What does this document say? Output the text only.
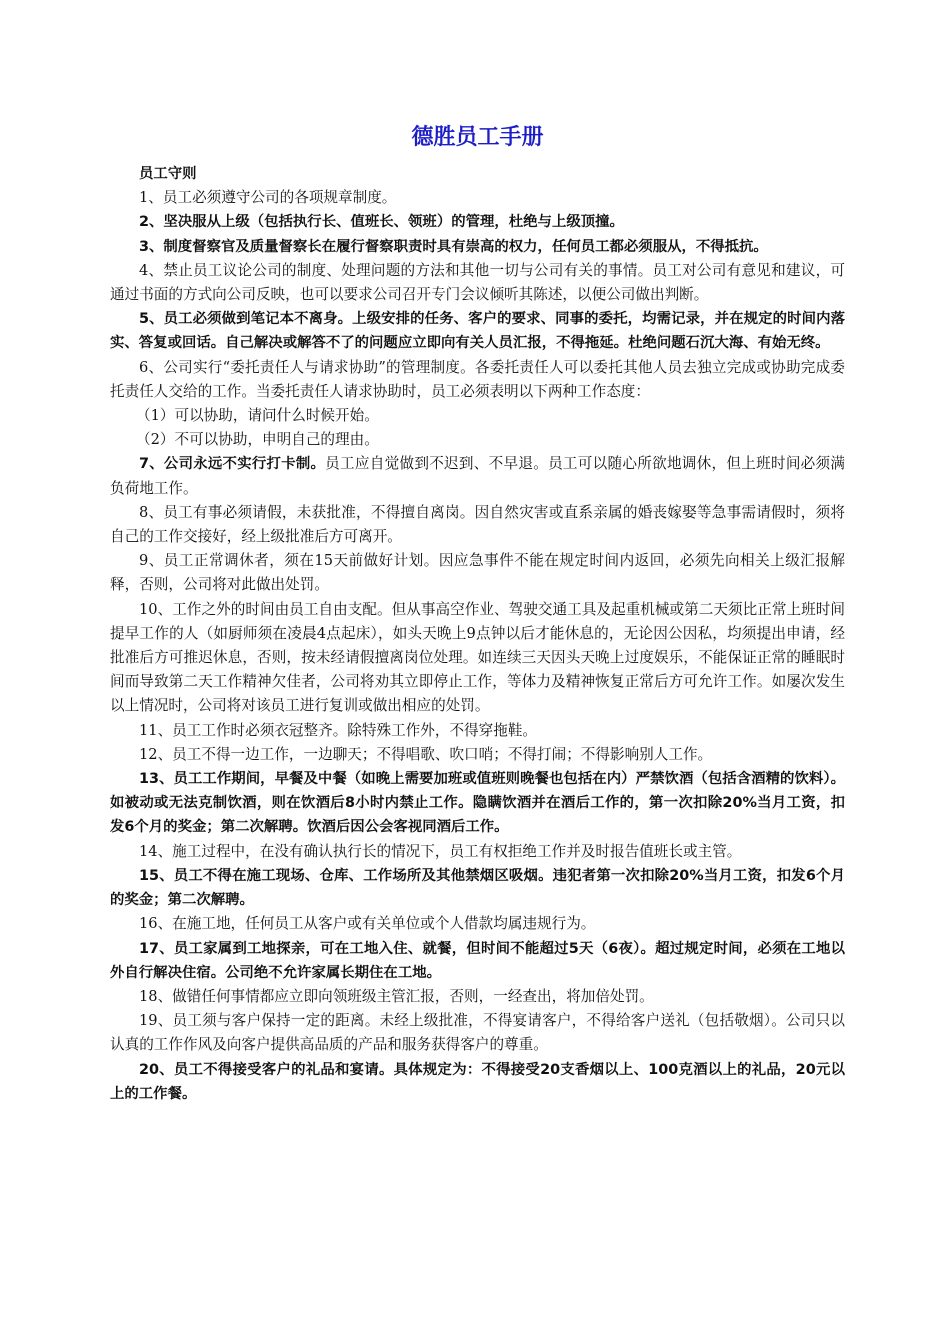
德胜员工手册

员工守则

1、员工必须遵守公司的各项规章制度。

2、坚决服从上级（包括执行长、值班长、领班）的管理，杜绝与上级顶撞。

3、制度督察官及质量督察长在履行督察职责时具有崇高的权力，任何员工都必须服从，不得抵抗。

4、禁止员工议论公司的制度、处理问题的方法和其他一切与公司有关的事情。员工对公司有意见和建议，可通过书面的方式向公司反映，也可以要求公司召开专门会议倾听其陈述，以便公司做出判断。

5、员工必须做到笔记本不离身。上级安排的任务、客户的要求、同事的委托，均需记录，并在规定的时间内落实、答复或回话。自己解决或解答不了的问题应立即向有关人员汇报，不得拖延。杜绝问题石沉大海、有始无终。

6、公司实行“委托责任人与请求协助”的管理制度。各委托责任人可以委托其他人员去独立完成或协助完成委托责任人交给的工作。当委托责任人请求协助时，员工必须表明以下两种工作态度：

（1）可以协助，请问什么时候开始。

（2）不可以协助，申明自己的理由。

7、公司永远不实行打卡制。员工应自觉做到不迟到、不早退。员工可以随心所欲地调休，但上班时间必须满负荷地工作。

8、员工有事必须请假，未获批准，不得擅自离岗。因自然灾害或直系亲属的婚丧嫁娶等急事需请假时，须将自己的工作交接好，经上级批准后方可离开。

9、员工正常调休者，须在15天前做好计划。因应急事件不能在规定时间内返回，必须先向相关上级汇报解释，否则，公司将对此做出处罚。

10、工作之外的时间由员工自由支配。但从事高空作业、驾驶交通工具及起重机械或第二天须比正常上班时间提早工作的人（如厨师须在凌晨4点起床），如头天晚上9点钟以后才能休息的，无论因公因私，均须提出申请，经批准后方可推迟休息，否则，按未经请假擅离岗位处理。如连续三天因头天晚上过度娱乐，不能保证正常的睡眠时间而导致第二天工作精神欠佳者，公司将劝其立即停止工作，等体力及精神恢复正常后方可允许工作。如屡次发生以上情况时，公司将对该员工进行复训或做出相应的处罚。

11、员工工作时必须衣冠整齐。除特殊工作外，不得穿拖鞋。

12、员工不得一边工作，一边聊天；不得唱歌、吹口哨；不得打闹；不得影响别人工作。

13、员工工作期间，早餐及中餐（如晚上需要加班或值班则晚餐也包括在内）严禁饮酒（包括含酒精的饮料）。如被动或无法克制饮酒，则在饮酒后8小时内禁止工作。隐瞒饮酒并在酒后工作的，第一次扣除20%当月工资，扣发6个月的奖金；第二次解聘。饮酒后因公会客视同酒后工作。

14、施工过程中，在没有确认执行长的情况下，员工有权拒绝工作并及时报告值班长或主管。

15、员工不得在施工现场、仓库、工作场所及其他禁烟区吸烟。违犯者第一次扣除20%当月工资，扣发6个月的奖金；第二次解聘。

16、在施工地，任何员工从客户或有关单位或个人借款均属违规行为。

17、员工家属到工地探亲，可在工地入住、就餐，但时间不能超过5天（6夜）。超过规定时间，必须在工地以外自行解决住宿。公司绝不允许家属长期住在工地。

18、做错任何事情都应立即向领班级主管汇报，否则，一经查出，将加倍处罚。

19、员工须与客户保持一定的距离。未经上级批准，不得宴请客户，不得给客户送礼（包括敬烟）。公司只以认真的工作作风及向客户提供高品质的产品和服务获得客户的尊重。

20、员工不得接受客户的礼品和宴请。具体规定为：不得接受20支香烟以上、100克酒以上的礼品，20元以上的工作餐。
